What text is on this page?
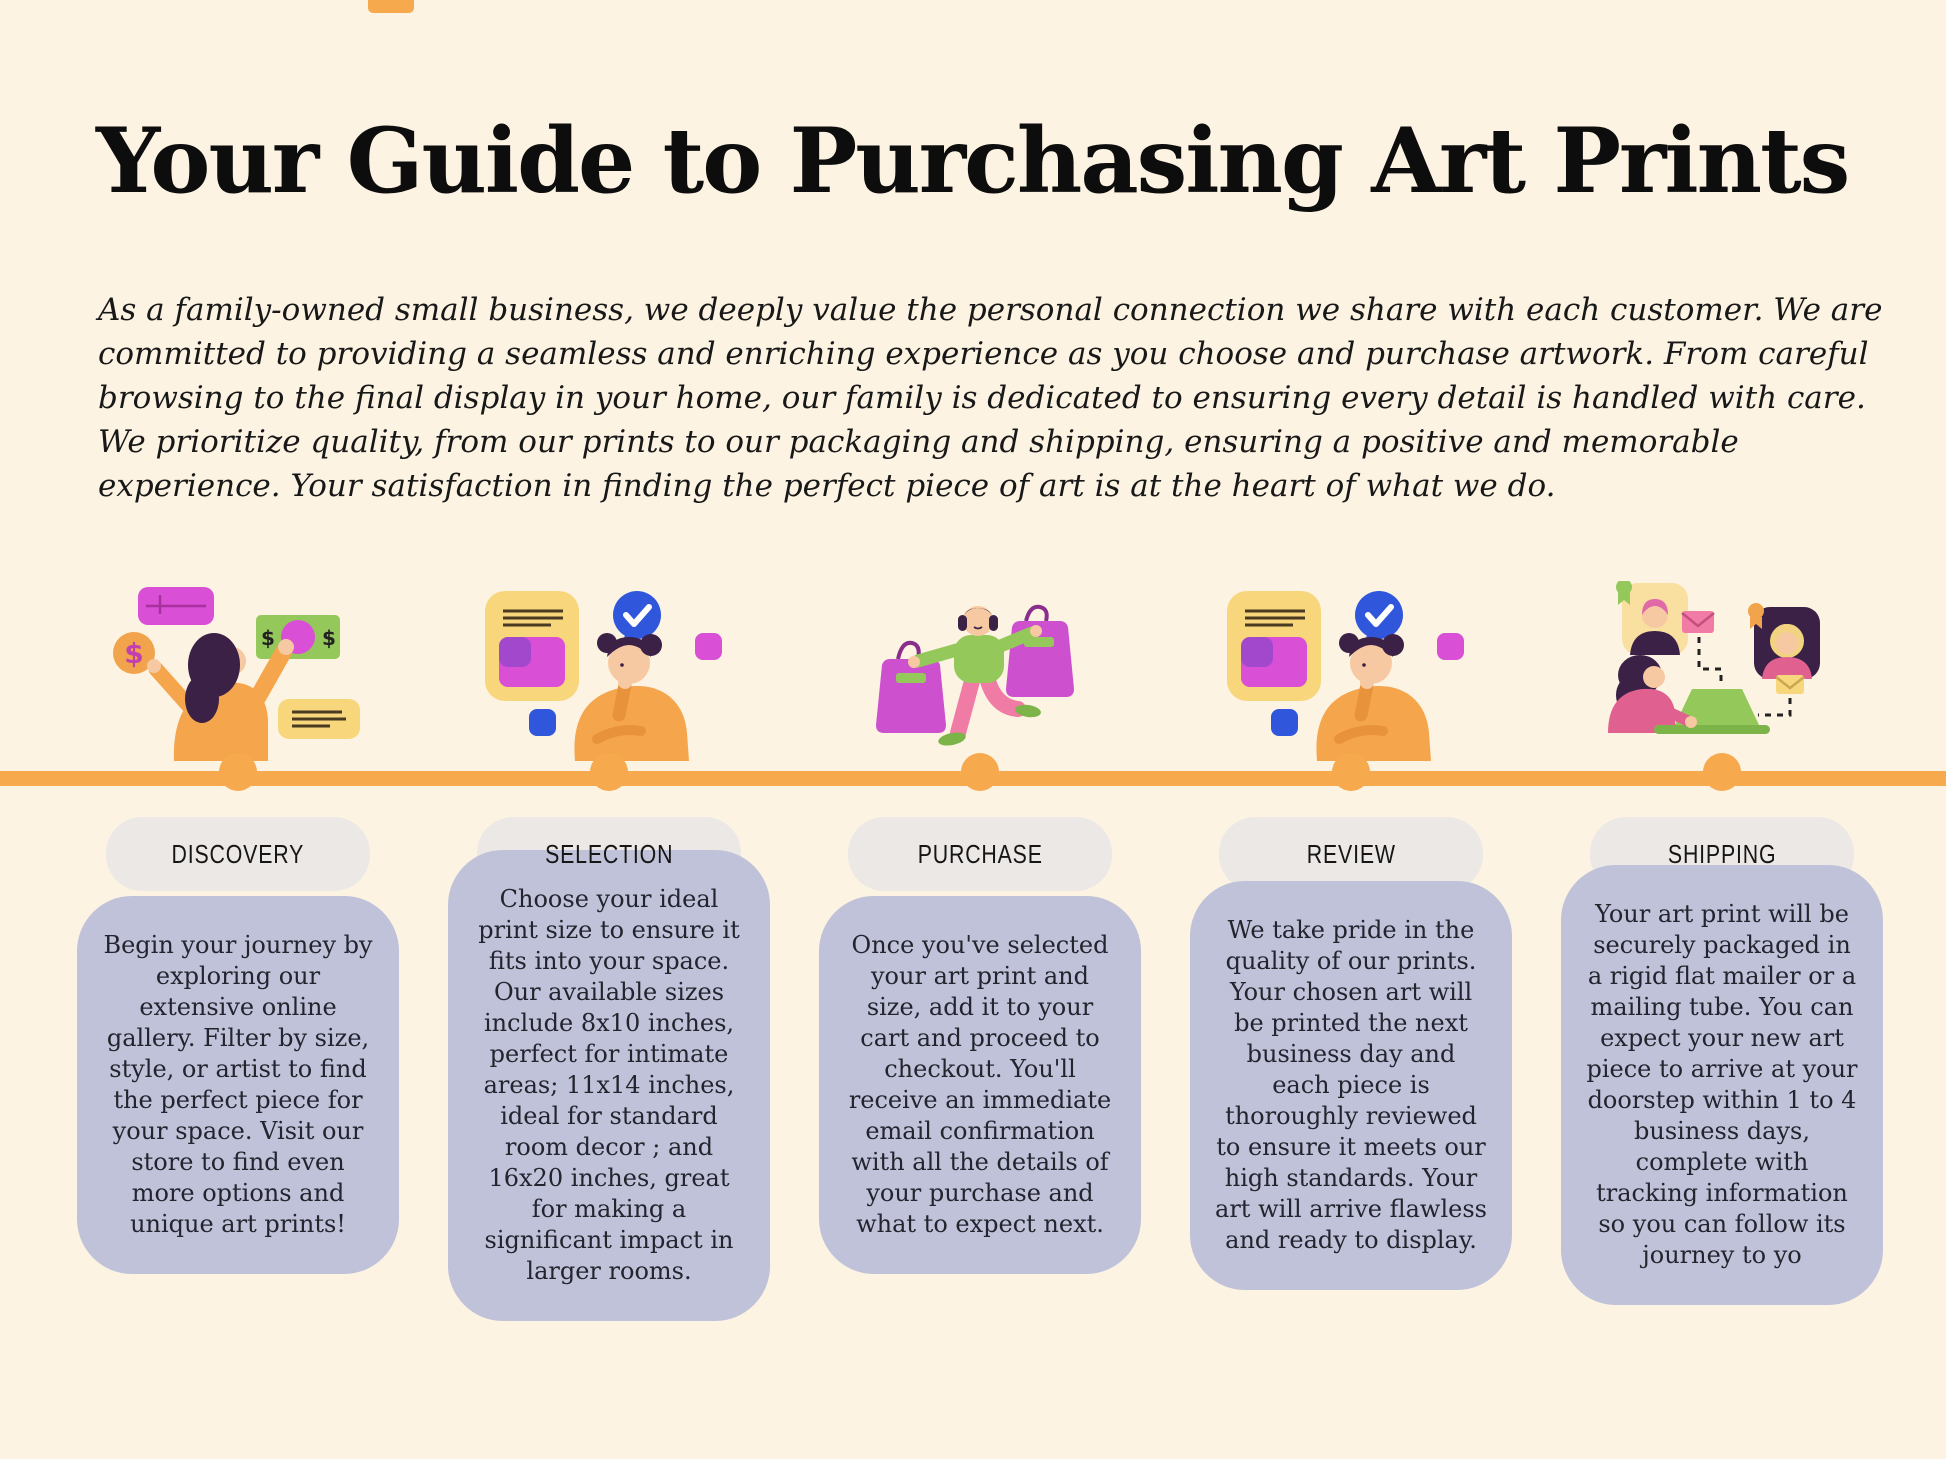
Your Guide to Purchasing Art Prints

As a family-owned small business, we deeply value the personal connection we share with each customer. We are committed to providing a seamless and enriching experience as you choose and purchase artwork. From careful browsing to the final display in your home, our family is dedicated to ensuring every detail is handled with care. We prioritize quality, from our prints to our packaging and shipping, ensuring a positive and memorable experience. Your satisfaction in finding the perfect piece of art is at the heart of what we do.

$	$ $
DISCOVERY
Begin your journey by exploring our extensive online gallery. Filter by size, style, or artist to find the perfect piece for your space. Visit our store to find even more options and unique art prints!
SELECTION
Choose your ideal print size to ensure it fits into your space. Our available sizes include 8x10 inches, perfect for intimate areas; 11x14 inches, ideal for standard room decor ; and 16x20 inches, great for making a significant impact in larger rooms.
PURCHASE
Once you've selected your art print and size, add it to your cart and proceed to checkout. You'll receive an immediate email confirmation with all the details of your purchase and what to expect next.
REVIEW
We take pride in the quality of our prints. Your chosen art will be printed the next business day and each piece is thoroughly reviewed to ensure it meets our high standards. Your art will arrive flawless and ready to display.
SHIPPING
Your art print will be securely packaged in a rigid flat mailer or a mailing tube. You can expect your new art piece to arrive at your doorstep within 1 to 4 business days, complete with tracking information so you can follow its journey to yo
